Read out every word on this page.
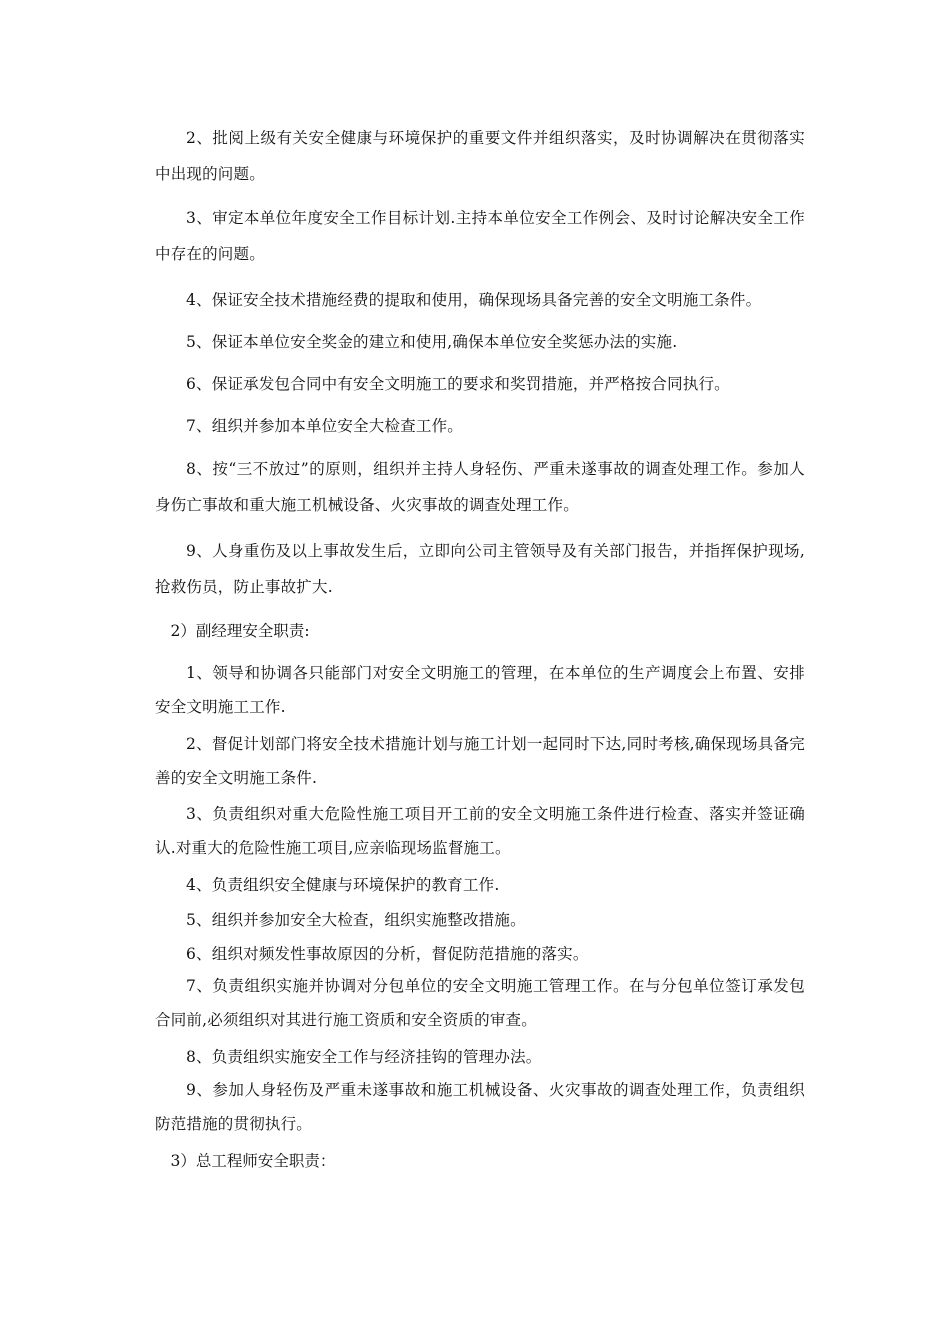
2、批阅上级有关安全健康与环境保护的重要文件并组织落实，及时协调解决在贯彻落实中出现的问题。

3、审定本单位年度安全工作目标计划.主持本单位安全工作例会、及时讨论解决安全工作中存在的问题。

4、保证安全技术措施经费的提取和使用，确保现场具备完善的安全文明施工条件。

5、保证本单位安全奖金的建立和使用,确保本单位安全奖惩办法的实施.

6、保证承发包合同中有安全文明施工的要求和奖罚措施，并严格按合同执行。

7、组织并参加本单位安全大检查工作。

8、按“三不放过”的原则，组织并主持人身轻伤、严重未遂事故的调查处理工作。参加人身伤亡事故和重大施工机械设备、火灾事故的调查处理工作。

9、人身重伤及以上事故发生后，立即向公司主管领导及有关部门报告，并指挥保护现场,抢救伤员，防止事故扩大.

2）副经理安全职责:

1、领导和协调各只能部门对安全文明施工的管理，在本单位的生产调度会上布置、安排安全文明施工工作.

2、督促计划部门将安全技术措施计划与施工计划一起同时下达,同时考核,确保现场具备完善的安全文明施工条件.

3、负责组织对重大危险性施工项目开工前的安全文明施工条件进行检查、落实并签证确认.对重大的危险性施工项目,应亲临现场监督施工。

4、负责组织安全健康与环境保护的教育工作.

5、组织并参加安全大检查，组织实施整改措施。

6、组织对频发性事故原因的分析，督促防范措施的落实。

7、负责组织实施并协调对分包单位的安全文明施工管理工作。在与分包单位签订承发包合同前,必须组织对其进行施工资质和安全资质的审查。

8、负责组织实施安全工作与经济挂钩的管理办法。

9、参加人身轻伤及严重未遂事故和施工机械设备、火灾事故的调查处理工作，负责组织防范措施的贯彻执行。

3）总工程师安全职责：
